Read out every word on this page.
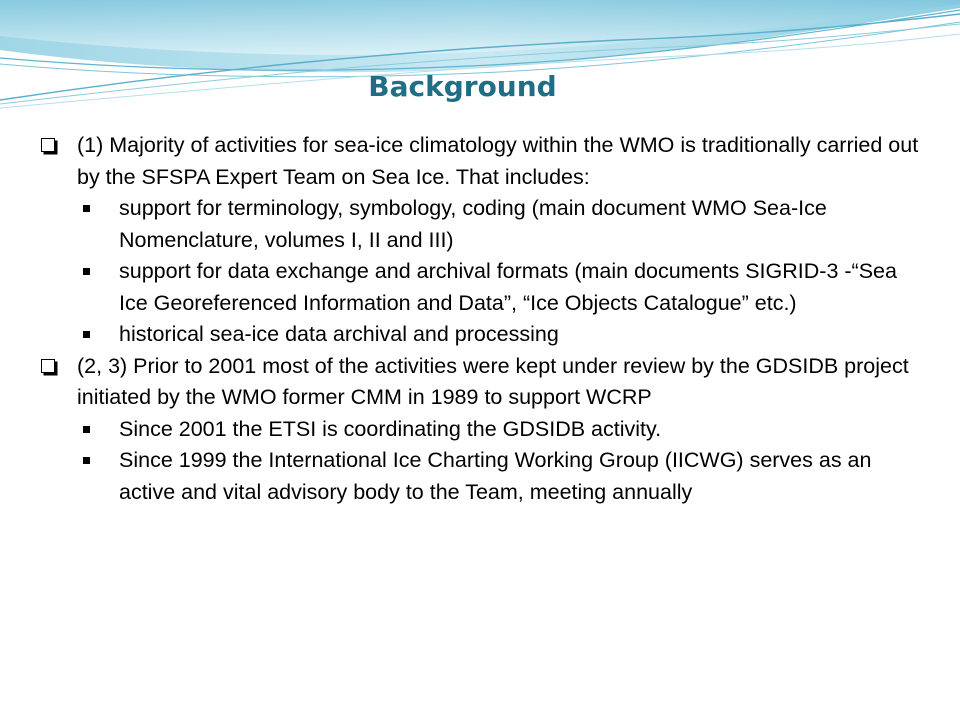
Background
(1) Majority of activities for sea-ice climatology within the WMO is traditionally carried out by the SFSPA Expert Team on Sea Ice. That includes:
support for terminology, symbology, coding (main document WMO Sea-Ice Nomenclature, volumes I, II and III)
support for data exchange and archival formats (main documents SIGRID-3 -“Sea Ice Georeferenced Information and Data”, “Ice Objects Catalogue” etc.)
historical sea-ice data archival and processing
(2, 3) Prior to 2001 most of the activities were kept under review by the GDSIDB project initiated by the WMO former CMM in 1989 to support WCRP
Since 2001 the ETSI is coordinating the GDSIDB activity.
Since 1999 the International Ice Charting Working Group (IICWG) serves as an active and vital advisory body to the Team, meeting annually
